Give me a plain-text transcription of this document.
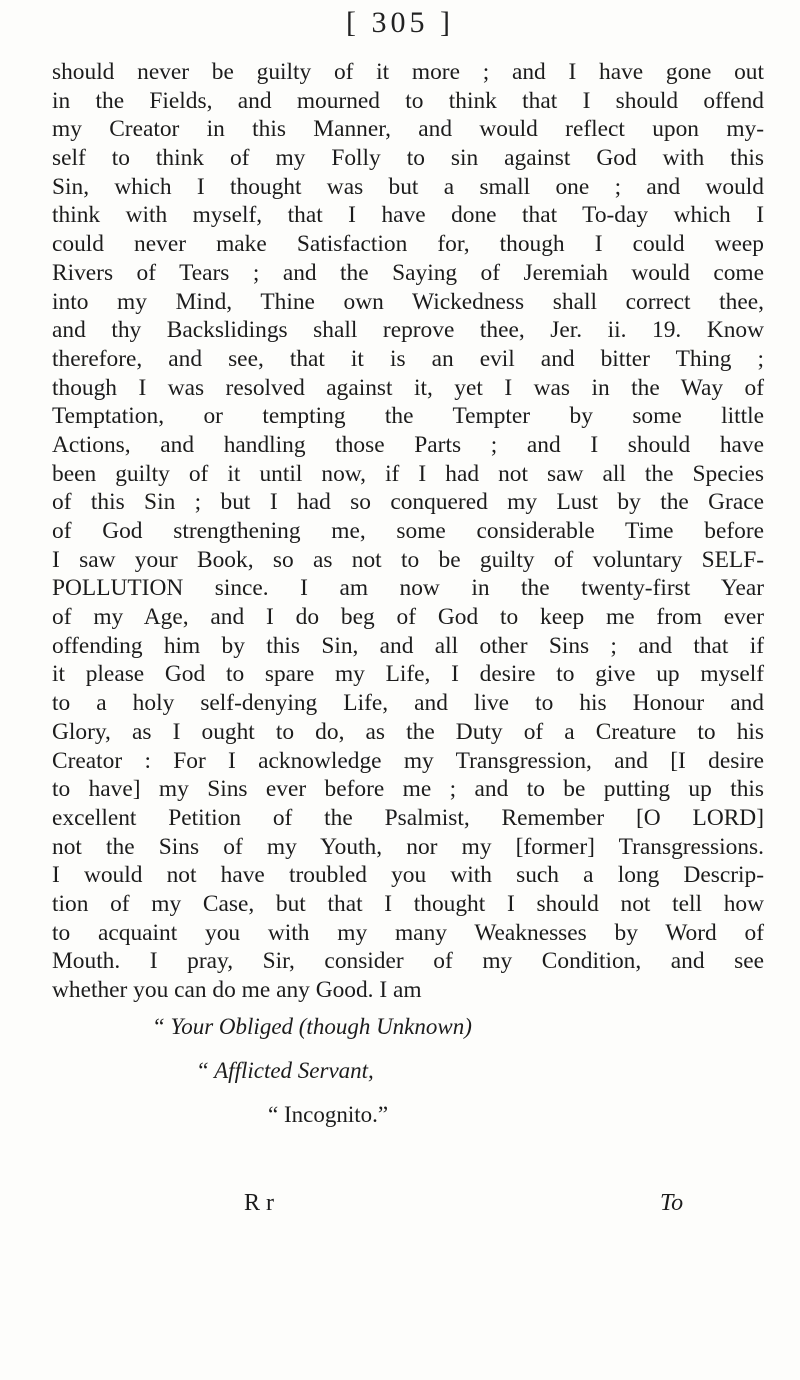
[ 305 ]
should never be guilty of it more ; and I have gone out
in the Fields, and mourned to think that I should offend
my Creator in this Manner, and would reflect upon my-
self to think of my Folly to sin against God with this
Sin, which I thought was but a small one ; and would
think with myself, that I have done that To-day which I
could never make Satisfaction for, though I could weep
Rivers of Tears ; and the Saying of Jeremiah would come
into my Mind, Thine own Wickedness shall correct thee,
and thy Backslidings shall reprove thee, Jer. ii. 19. Know
therefore, and see, that it is an evil and bitter Thing ;
though I was resolved against it, yet I was in the Way of
Temptation, or tempting the Tempter by some little
Actions, and handling those Parts ; and I should have
been guilty of it until now, if I had not saw all the Species
of this Sin ; but I had so conquered my Lust by the Grace
of God strengthening me, some considerable Time before
I saw your Book, so as not to be guilty of voluntary SELF-
POLLUTION since. I am now in the twenty-first Year
of my Age, and I do beg of God to keep me from ever
offending him by this Sin, and all other Sins ; and that if
it please God to spare my Life, I desire to give up myself
to a holy self-denying Life, and live to his Honour and
Glory, as I ought to do, as the Duty of a Creature to his
Creator : For I acknowledge my Transgression, and [I desire
to have] my Sins ever before me ; and to be putting up this
excellent Petition of the Psalmist, Remember [O LORD]
not the Sins of my Youth, nor my [former] Transgressions.
I would not have troubled you with such a long Descrip-
tion of my Case, but that I thought I should not tell how
to acquaint you with my many Weaknesses by Word of
Mouth. I pray, Sir, consider of my Condition, and see
whether you can do me any Good. I am
“ Your Obliged (though Unknown)
“ Afflicted Servant,
“ Incognito.”
R r	To
